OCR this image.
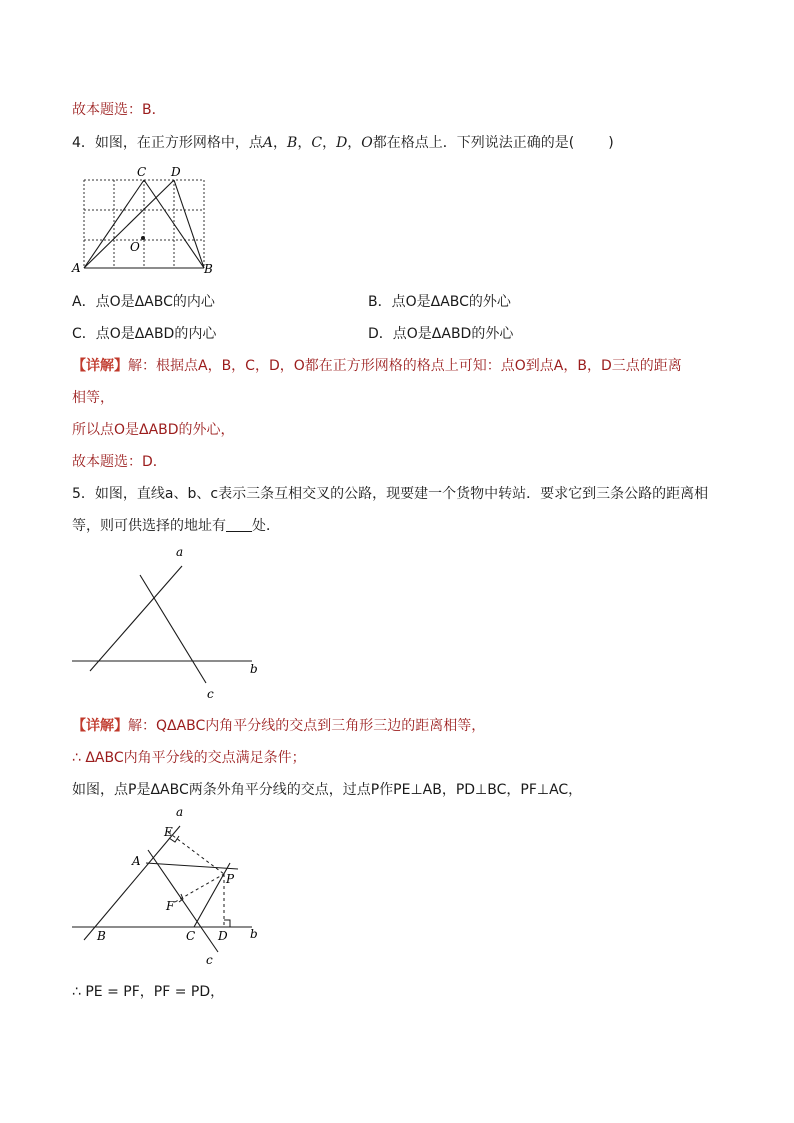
故本题选：B．
4．如图，在正方形网格中，点A，B，C，D，O都在格点上．下列说法正确的是( )
C D
O
A	B
A．点O是ΔABC的内心	B．点O是ΔABC的外心
C．点O是ΔABD的内心	D．点O是ΔABD的外心
【详解】解：根据点A，B，C，D，O都在正方形网格的格点上可知：点O到点A，B，D三点的距离
相等，
所以点O是ΔABD的外心，
故本题选：D．
5．如图，直线a、b、c表示三条互相交叉的公路，现要建一个货物中转站．要求它到三条公路的距离相
等，则可供选择的地址有 处．
a
b
c
【详解】解：QΔABC内角平分线的交点到三角形三边的距离相等，
∴ ΔABC内角平分线的交点满足条件；
如图，点P是ΔABC两条外角平分线的交点，过点P作PE⊥AB，PD⊥BC，PF⊥AC，
a
E
A
P
F
B	C D b
c
∴ PE = PF，PF = PD，
